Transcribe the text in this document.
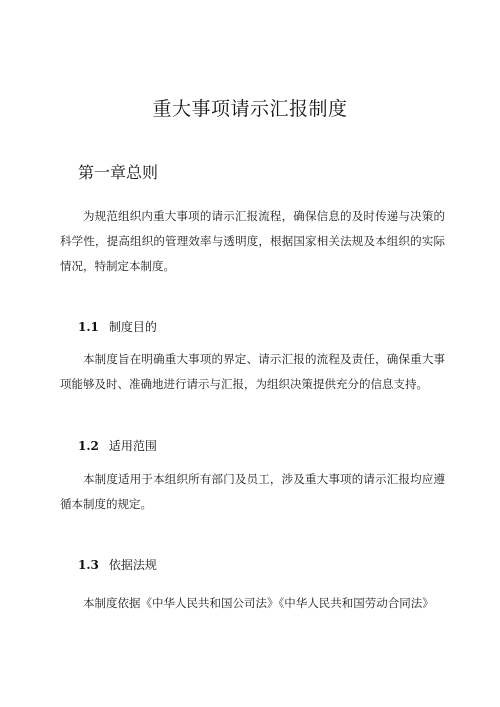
重大事项请示汇报制度
第一章总则
为规范组织内重大事项的请示汇报流程，确保信息的及时传递与决策的科学性，提高组织的管理效率与透明度，根据国家相关法规及本组织的实际情况，特制定本制度。
1.1 制度目的
本制度旨在明确重大事项的界定、请示汇报的流程及责任，确保重大事项能够及时、准确地进行请示与汇报，为组织决策提供充分的信息支持。
1.2 适用范围
本制度适用于本组织所有部门及员工，涉及重大事项的请示汇报均应遵循本制度的规定。
1.3 依据法规
本制度依据《中华人民共和国公司法》《中华人民共和国劳动合同法》
